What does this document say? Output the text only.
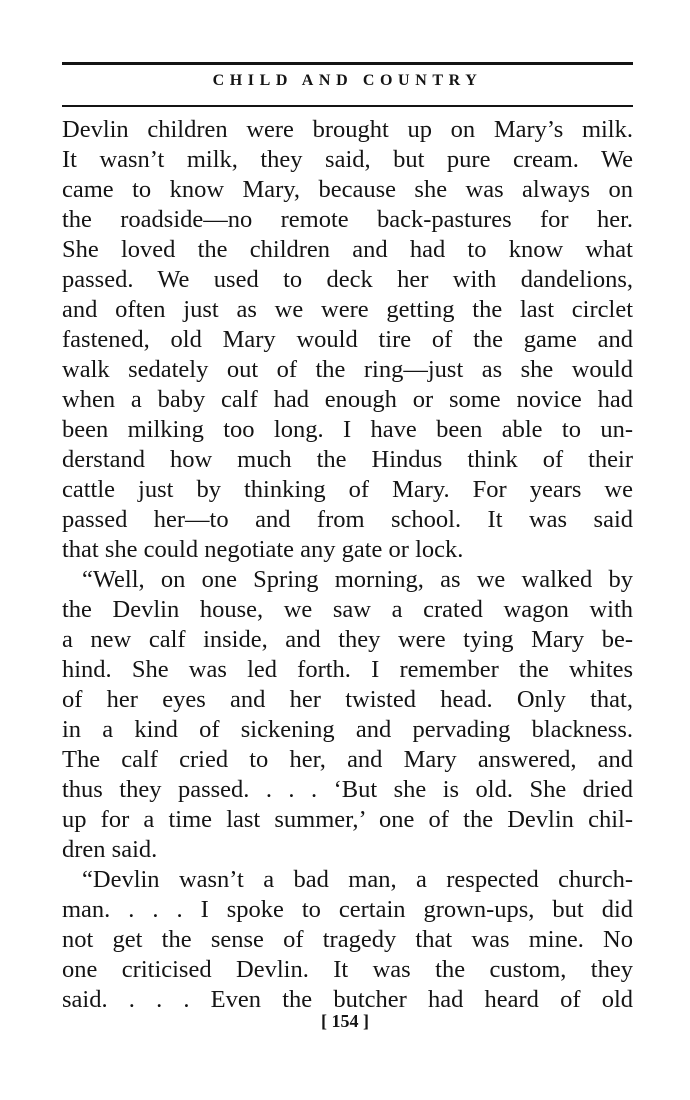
CHILD AND COUNTRY
Devlin children were brought up on Mary’s milk.
It wasn’t milk, they said, but pure cream. We
came to know Mary, because she was always on
the roadside—no remote back-pastures for her.
She loved the children and had to know what
passed. We used to deck her with dandelions,
and often just as we were getting the last circlet
fastened, old Mary would tire of the game and
walk sedately out of the ring—just as she would
when a baby calf had enough or some novice had
been milking too long. I have been able to un-
derstand how much the Hindus think of their
cattle just by thinking of Mary. For years we
passed her—to and from school. It was said
that she could negotiate any gate or lock.
“Well, on one Spring morning, as we walked by
the Devlin house, we saw a crated wagon with
a new calf inside, and they were tying Mary be-
hind. She was led forth. I remember the whites
of her eyes and her twisted head. Only that,
in a kind of sickening and pervading blackness.
The calf cried to her, and Mary answered, and
thus they passed. . . . ‘But she is old. She dried
up for a time last summer,’ one of the Devlin chil-
dren said.
“Devlin wasn’t a bad man, a respected church-
man. . . . I spoke to certain grown-ups, but did
not get the sense of tragedy that was mine. No
one criticised Devlin. It was the custom, they
said. . . . Even the butcher had heard of old
[ 154 ]
